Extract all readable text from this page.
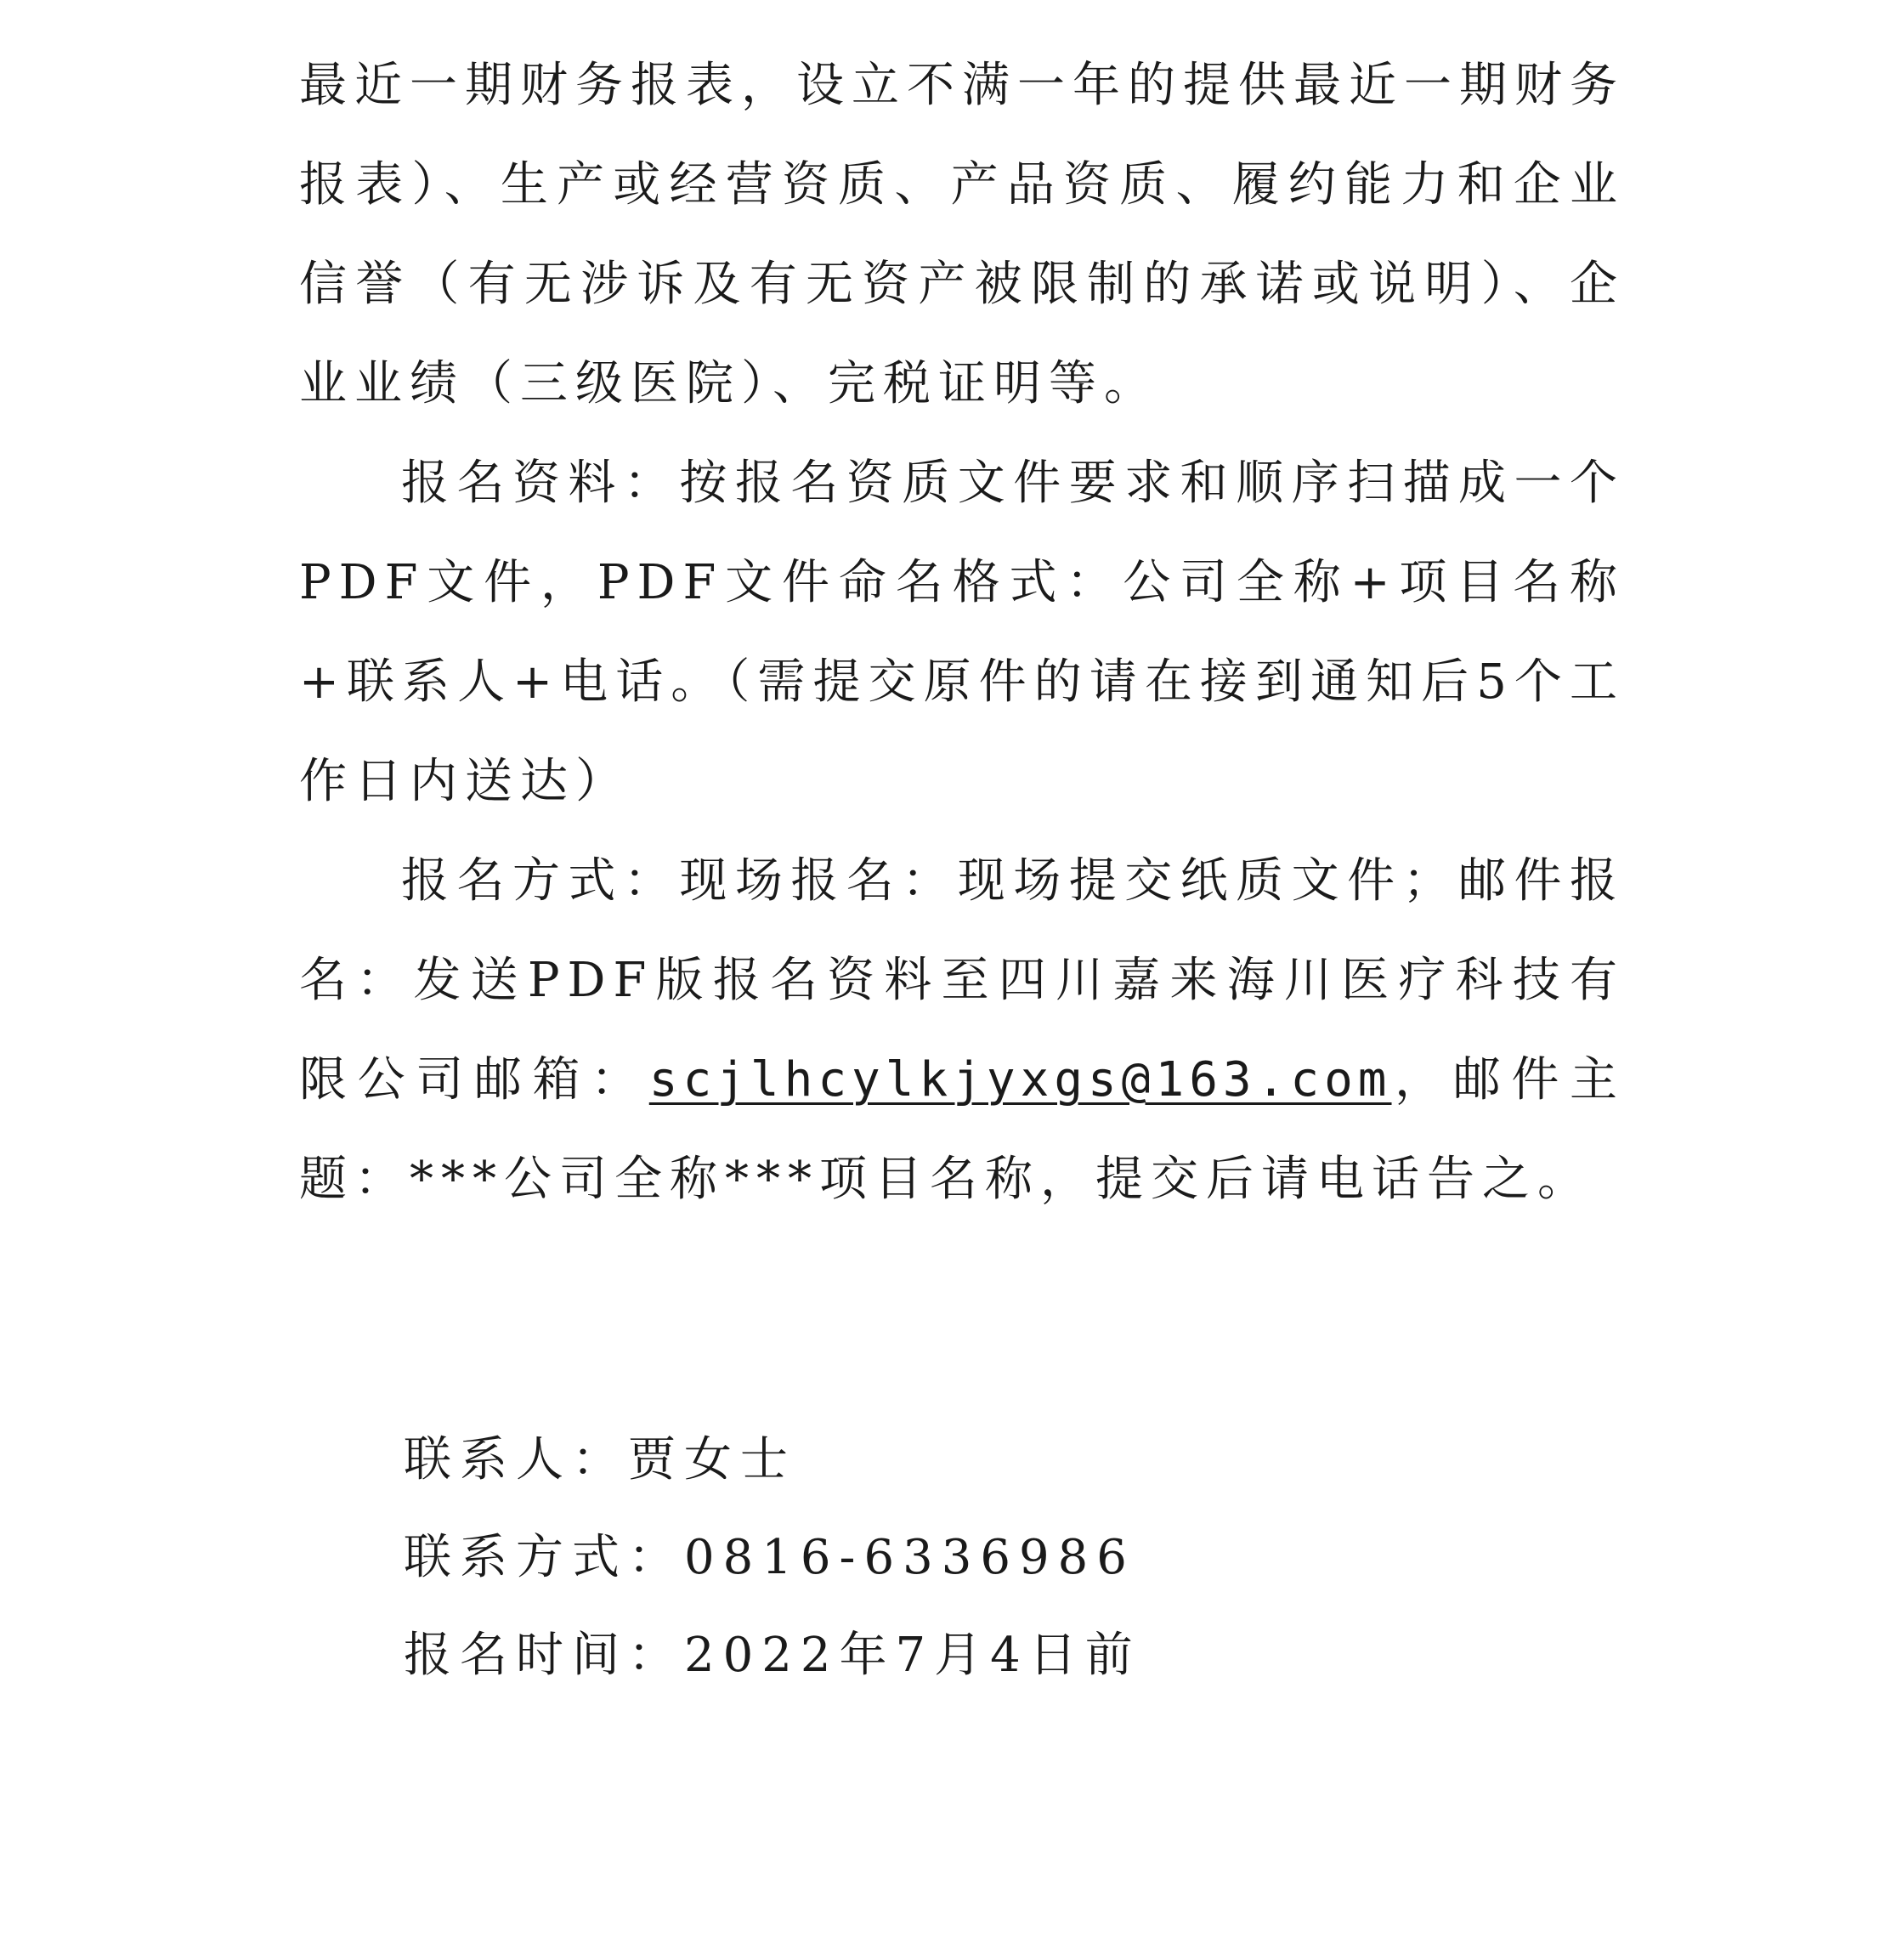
最近一期财务报表，设立不满一年的提供最近一期财务报表）、生产或经营资质、产品资质、履约能力和企业信誉（有无涉诉及有无资产被限制的承诺或说明）、企业业绩（三级医院）、完税证明等。

报名资料：按报名资质文件要求和顺序扫描成一个PDF文件，PDF文件命名格式：公司全称+项目名称 +联系人+电话。（需提交原件的请在接到通知后5个工作日内送达）

报名方式：现场报名：现场提交纸质文件；邮件报名：发送PDF版报名资料至四川嘉来海川医疗科技有限公司邮箱：scjlhcylkjyxgs@163.com，邮件主题：***公司全称***项目名称，提交后请电话告之。

联系人：贾女士
联系方式：0816-6336986
报名时间：2022年7月4日前
